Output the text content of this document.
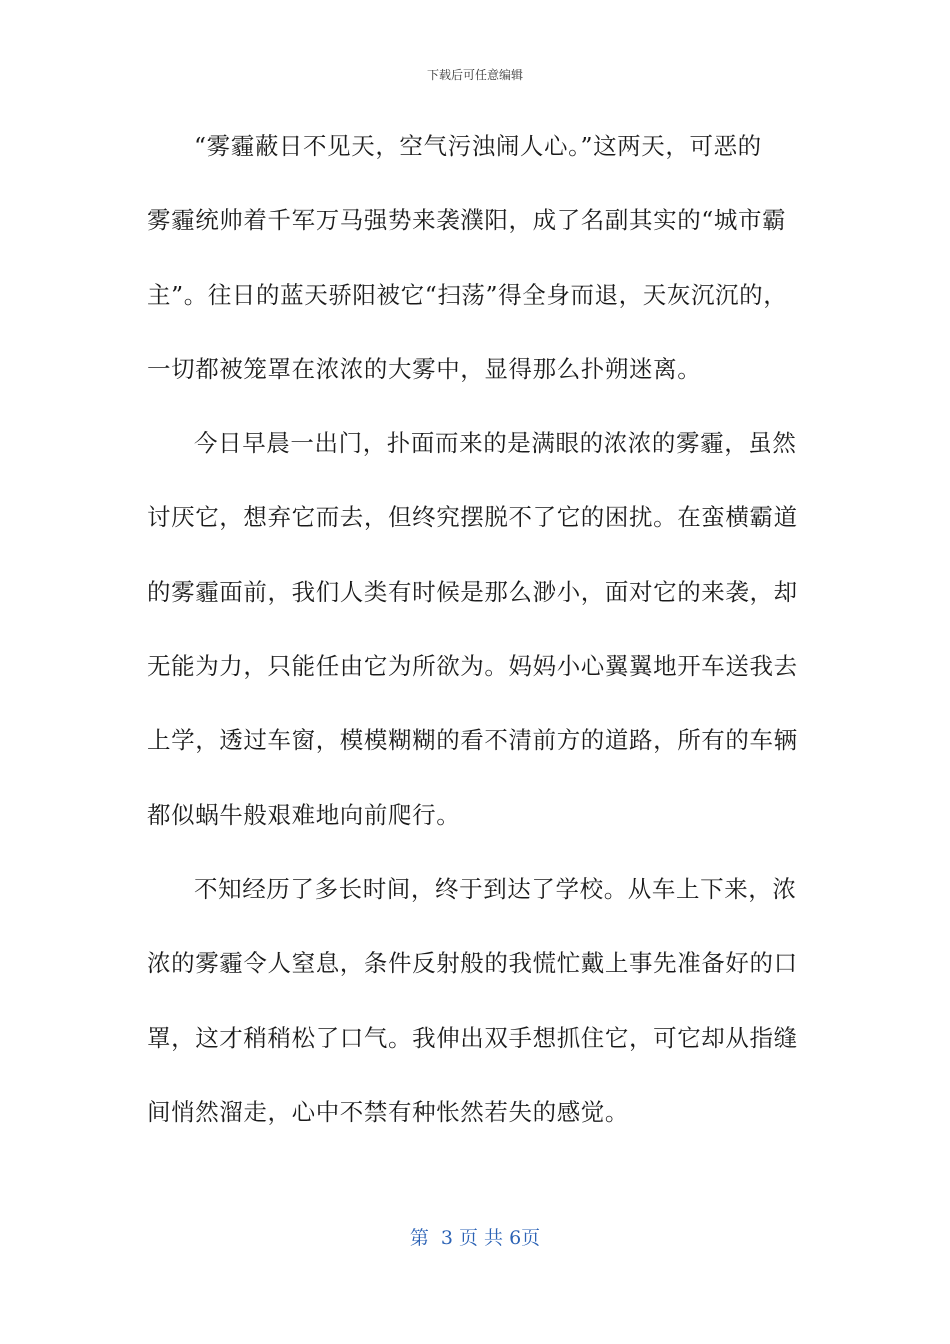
下载后可任意编辑
“雾霾蔽日不见天，空气污浊闹人心。”这两天，可恶的
雾霾统帅着千军万马强势来袭濮阳，成了名副其实的“城市霸
主”。往日的蓝天骄阳被它“扫荡”得全身而退，天灰沉沉的，
一切都被笼罩在浓浓的大雾中，显得那么扑朔迷离。
今日早晨一出门，扑面而来的是满眼的浓浓的雾霾，虽然
讨厌它，想弃它而去，但终究摆脱不了它的困扰。在蛮横霸道
的雾霾面前，我们人类有时候是那么渺小，面对它的来袭，却
无能为力，只能任由它为所欲为。妈妈小心翼翼地开车送我去
上学，透过车窗，模模糊糊的看不清前方的道路，所有的车辆
都似蜗牛般艰难地向前爬行。
不知经历了多长时间，终于到达了学校。从车上下来，浓
浓的雾霾令人窒息，条件反射般的我慌忙戴上事先准备好的口
罩，这才稍稍松了口气。我伸出双手想抓住它，可它却从指缝
间悄然溜走，心中不禁有种怅然若失的感觉。
第  3 页 共 6页
